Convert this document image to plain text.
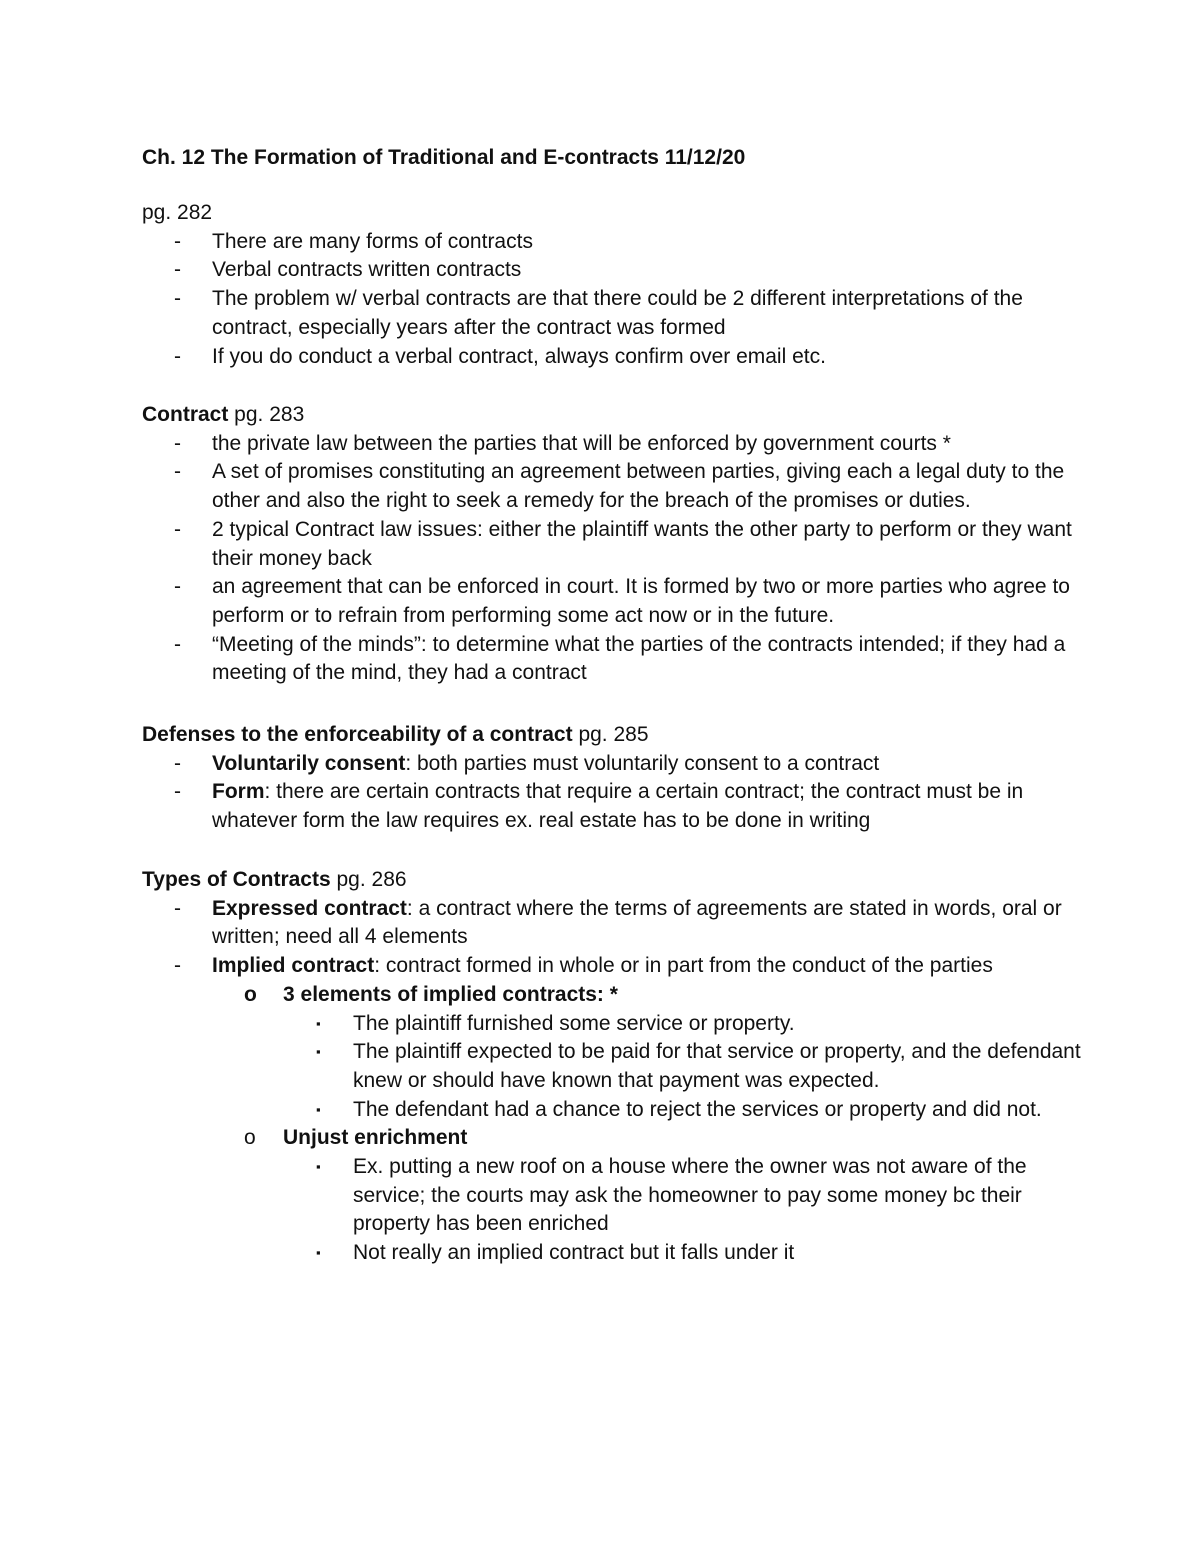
Ch. 12 The Formation of Traditional and E-contracts 11/12/20
pg. 282
- There are many forms of contracts
- Verbal contracts written contracts
- The problem w/ verbal contracts are that there could be 2 different interpretations of the contract, especially years after the contract was formed
- If you do conduct a verbal contract, always confirm over email etc.
Contract pg. 283
- the private law between the parties that will be enforced by government courts *
- A set of promises constituting an agreement between parties, giving each a legal duty to the other and also the right to seek a remedy for the breach of the promises or duties.
- 2 typical Contract law issues: either the plaintiff wants the other party to perform or they want their money back
- an agreement that can be enforced in court. It is formed by two or more parties who agree to perform or to refrain from performing some act now or in the future.
- “Meeting of the minds”: to determine what the parties of the contracts intended; if they had a meeting of the mind, they had a contract
Defenses to the enforceability of a contract pg. 285
- Voluntarily consent: both parties must voluntarily consent to a contract
- Form: there are certain contracts that require a certain contract; the contract must be in whatever form the law requires ex. real estate has to be done in writing
Types of Contracts pg. 286
- Expressed contract: a contract where the terms of agreements are stated in words, oral or written; need all 4 elements
- Implied contract: contract formed in whole or in part from the conduct of the parties
o 3 elements of implied contracts: *
▪ The plaintiff furnished some service or property.
▪ The plaintiff expected to be paid for that service or property, and the defendant knew or should have known that payment was expected.
▪ The defendant had a chance to reject the services or property and did not.
o Unjust enrichment
▪ Ex. putting a new roof on a house where the owner was not aware of the service; the courts may ask the homeowner to pay some money bc their property has been enriched
▪ Not really an implied contract but it falls under it
